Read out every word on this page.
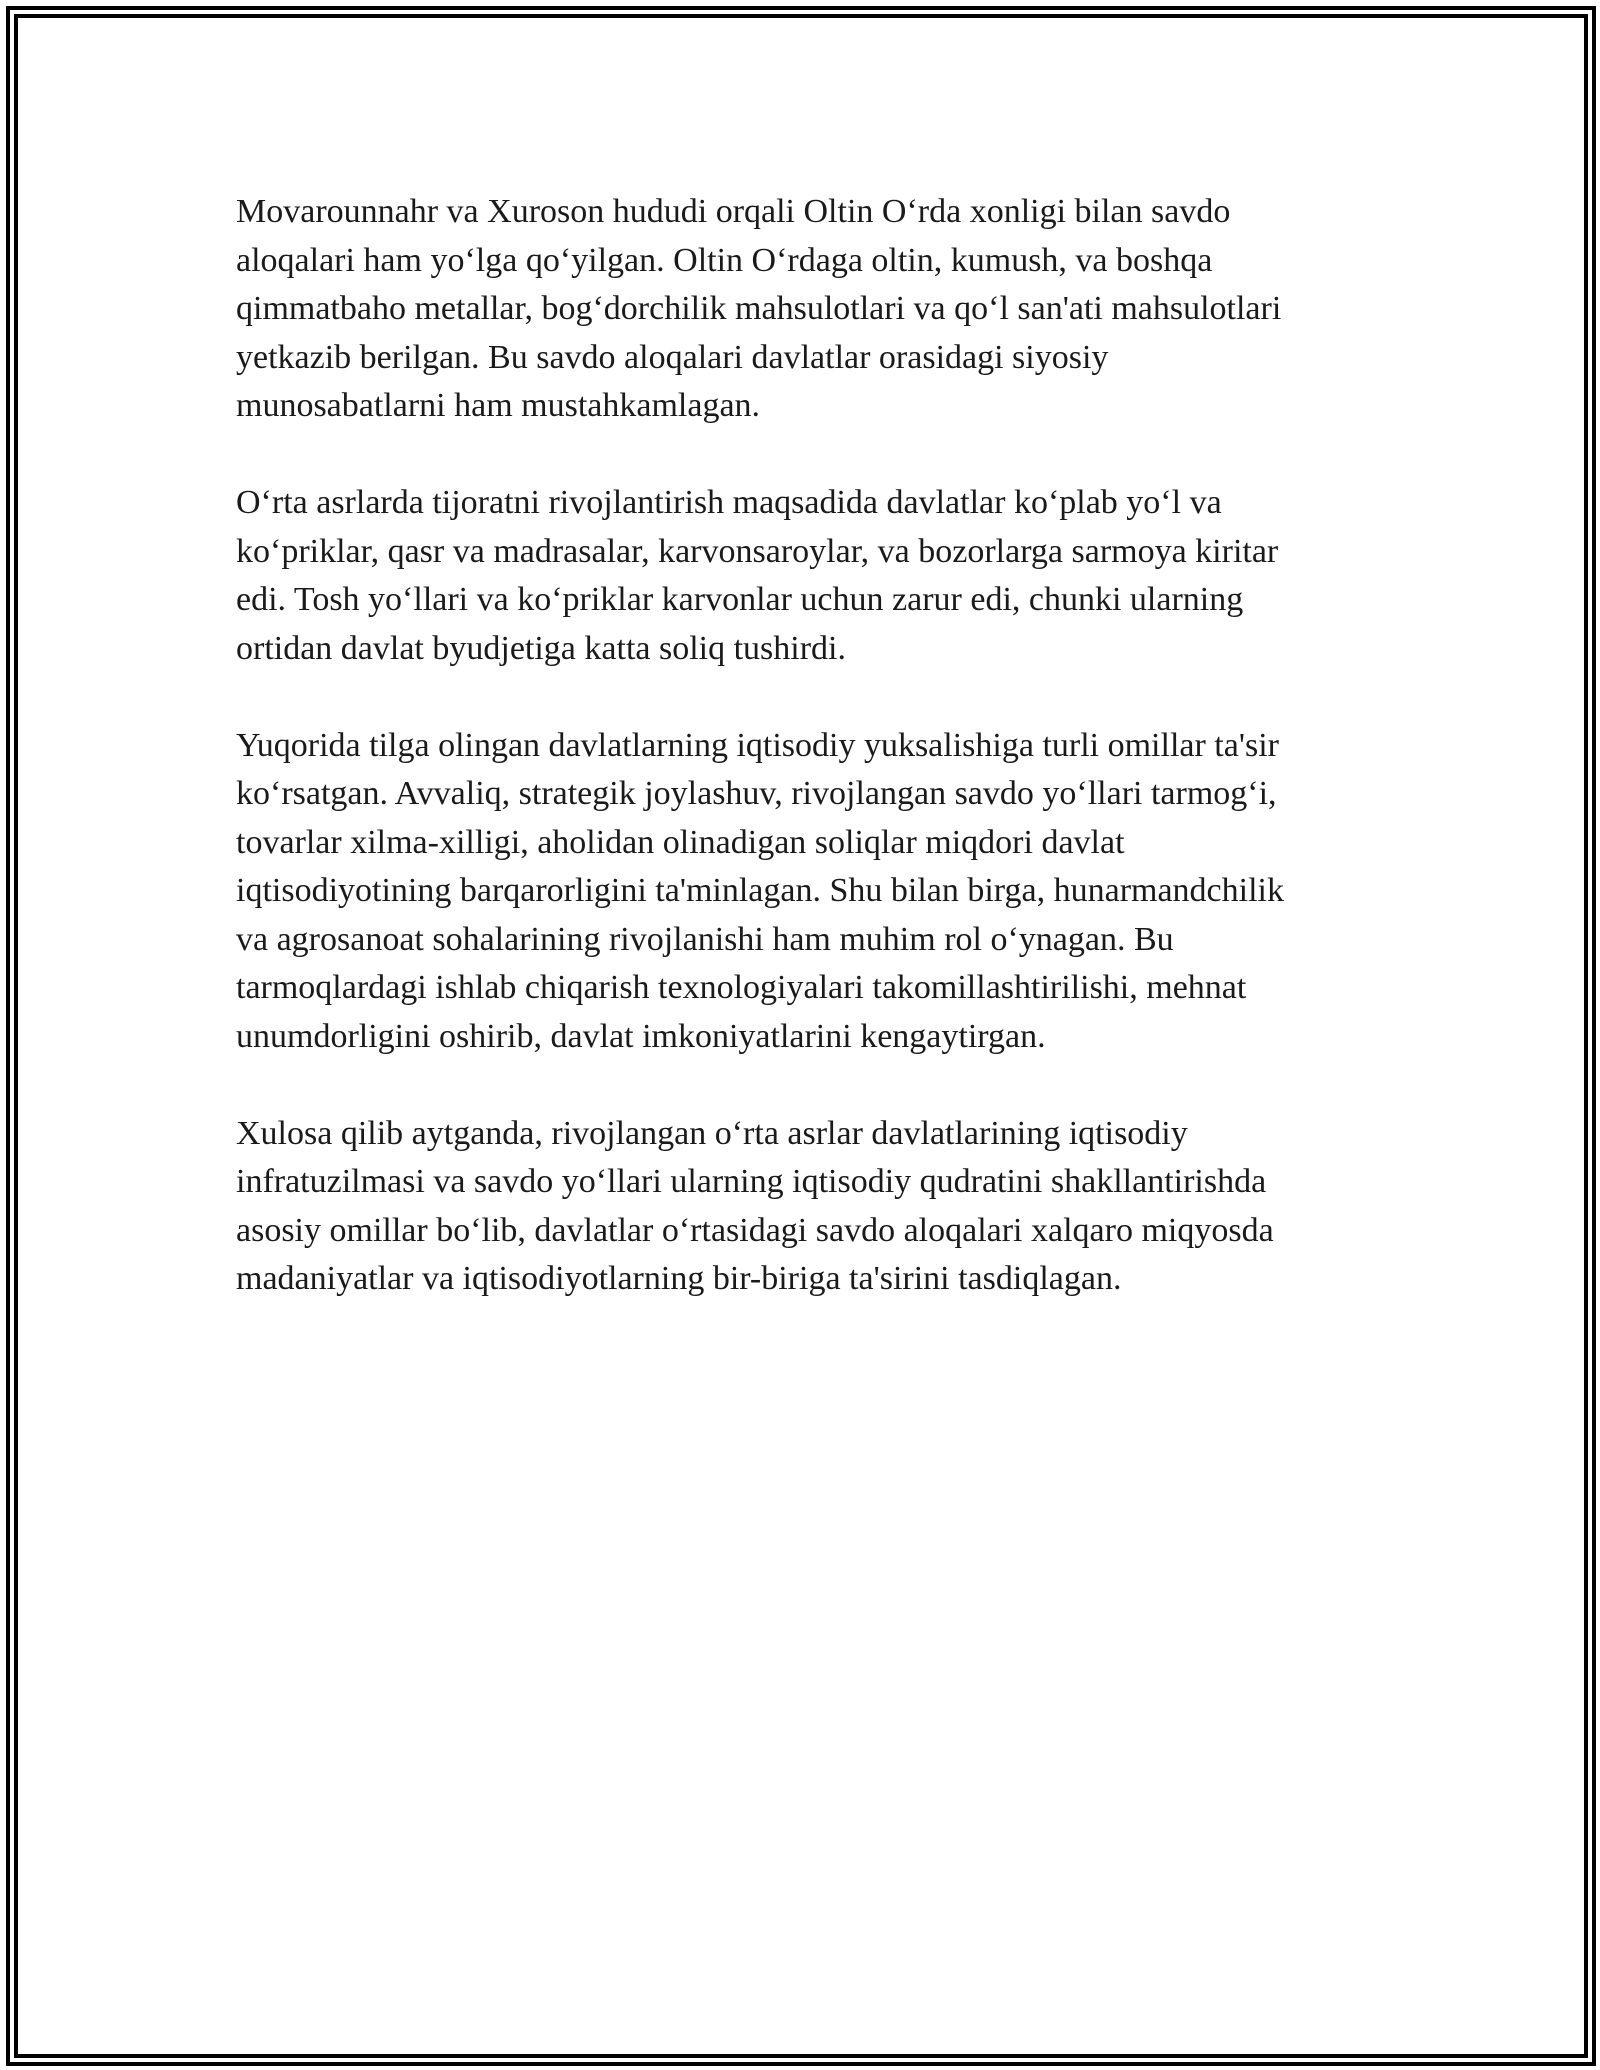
Movarounnahr va Xuroson hududi orqali Oltin O‘rda xonligi bilan savdo
aloqalari ham yo‘lga qo‘yilgan. Oltin O‘rdaga oltin, kumush, va boshqa
qimmatbaho metallar, bog‘dorchilik mahsulotlari va qo‘l san'ati mahsulotlari
yetkazib berilgan. Bu savdo aloqalari davlatlar orasidagi siyosiy
munosabatlarni ham mustahkamlagan.

O‘rta asrlarda tijoratni rivojlantirish maqsadida davlatlar ko‘plab yo‘l va
ko‘priklar, qasr va madrasalar, karvonsaroylar, va bozorlarga sarmoya kiritar
edi. Tosh yo‘llari va ko‘priklar karvonlar uchun zarur edi, chunki ularning
ortidan davlat byudjetiga katta soliq tushirdi.

Yuqorida tilga olingan davlatlarning iqtisodiy yuksalishiga turli omillar ta'sir
ko‘rsatgan. Avvaliq, strategik joylashuv, rivojlangan savdo yo‘llari tarmog‘i,
tovarlar xilma-xilligi, aholidan olinadigan soliqlar miqdori davlat
iqtisodiyotining barqarorligini ta'minlagan. Shu bilan birga, hunarmandchilik
va agrosanoat sohalarining rivojlanishi ham muhim rol o‘ynagan. Bu
tarmoqlardagi ishlab chiqarish texnologiyalari takomillashtirilishi, mehnat
unumdorligini oshirib, davlat imkoniyatlarini kengaytirgan.

Xulosa qilib aytganda, rivojlangan o‘rta asrlar davlatlarining iqtisodiy
infratuzilmasi va savdo yo‘llari ularning iqtisodiy qudratini shakllantirishda
asosiy omillar bo‘lib, davlatlar o‘rtasidagi savdo aloqalari xalqaro miqyosda
madaniyatlar va iqtisodiyotlarning bir-biriga ta'sirini tasdiqlagan.
